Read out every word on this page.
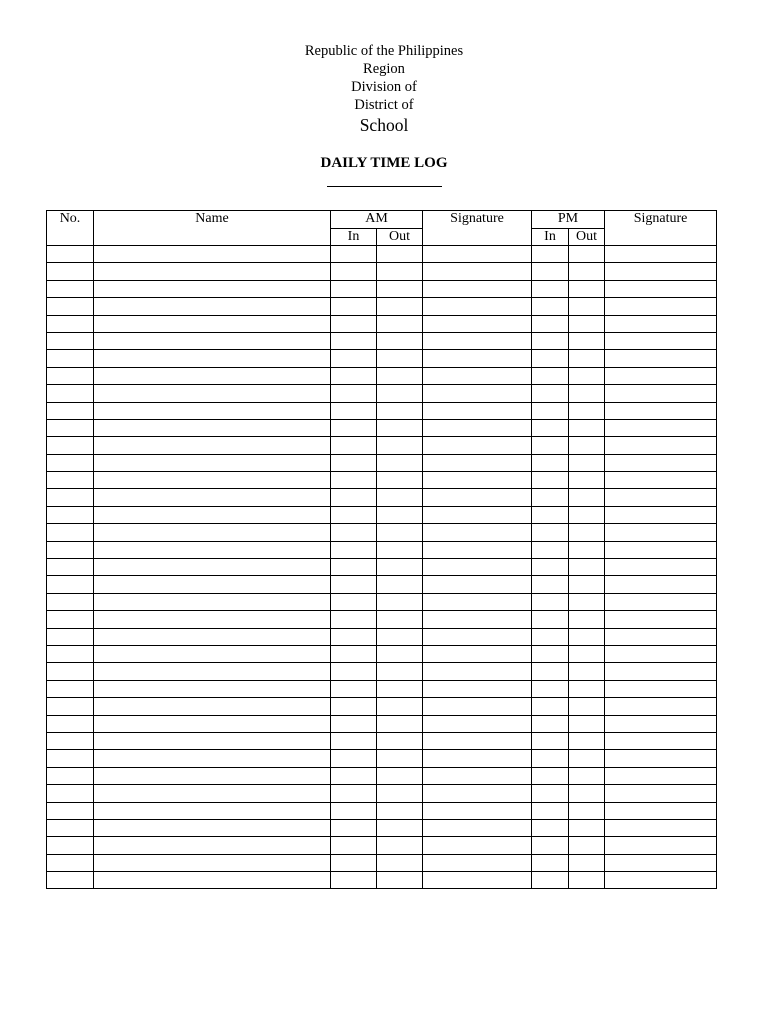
Republic of the Philippines
Region
Division of
District of
School
DAILY TIME LOG
No.	Name	AM		Signature	PM		Signature
		In	Out		In	Out	
